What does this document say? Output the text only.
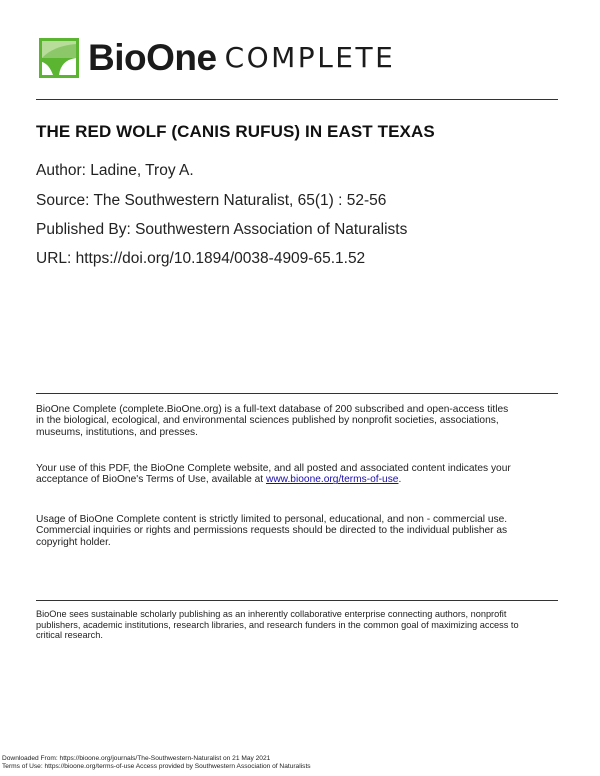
BioOne COMPLETE
THE RED WOLF (CANIS RUFUS) IN EAST TEXAS
Author: Ladine, Troy A.
Source: The Southwestern Naturalist, 65(1) : 52-56
Published By: Southwestern Association of Naturalists
URL: https://doi.org/10.1894/0038-4909-65.1.52
BioOne Complete (complete.BioOne.org) is a full-text database of 200 subscribed and open-access titles
in the biological, ecological, and environmental sciences published by nonprofit societies, associations,
museums, institutions, and presses.
Your use of this PDF, the BioOne Complete website, and all posted and associated content indicates your
acceptance of BioOne's Terms of Use, available at www.bioone.org/terms-of-use.
Usage of BioOne Complete content is strictly limited to personal, educational, and non - commercial use.
Commercial inquiries or rights and permissions requests should be directed to the individual publisher as
copyright holder.
BioOne sees sustainable scholarly publishing as an inherently collaborative enterprise connecting authors, nonprofit
publishers, academic institutions, research libraries, and research funders in the common goal of maximizing access to
critical research.
Downloaded From: https://bioone.org/journals/The-Southwestern-Naturalist on 21 May 2021
Terms of Use: https://bioone.org/terms-of-use Access provided by Southwestern Association of Naturalists
